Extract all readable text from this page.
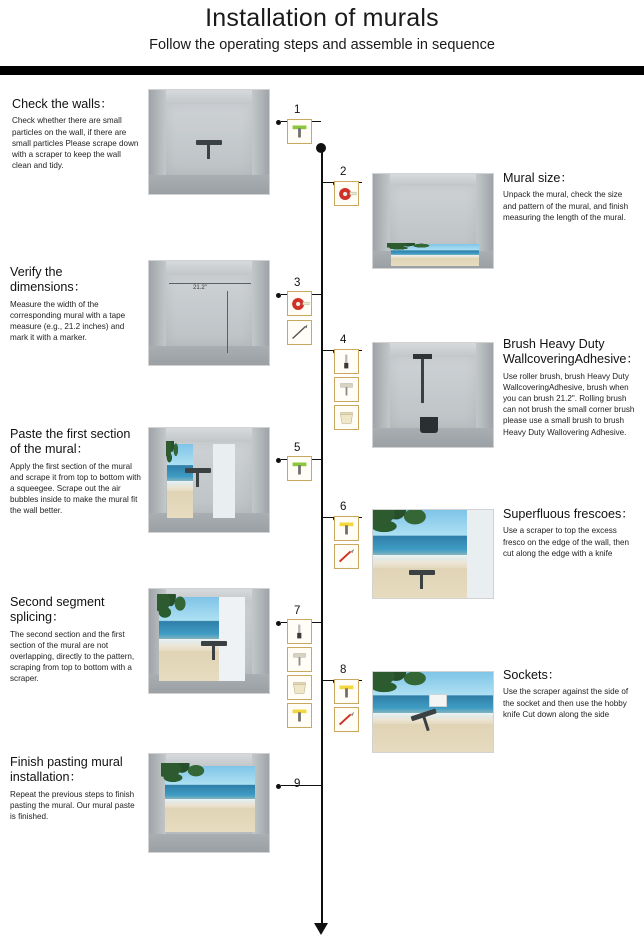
Installation of murals
Follow the operating steps and assemble in sequence

Check the walls：

Check whether there are small particles on the wall, if there are small particles Please scrape down with a scraper to keep the wall clean and tidy.

1
2	Mural size：

Unpack the mural, check the size and pattern of the mural, and finish measuring the length of the mural.

Verify the dimensions：

Measure the width of the corresponding mural with a tape measure (e.g., 21.2 inches) and mark it with a marker.

21.2"	3
4	Brush Heavy Duty WallcoveringAdhesive：

Use roller brush, brush Heavy Duty WallcoveringAdhesive, brush when you can brush 21.2". Rolling brush can not brush the small corner brush please use a small brush to brush Heavy Duty Wallovering Adhesive.

Paste the first section of the mural：

Apply the first section of the mural and scrape it from top to bottom with a squeegee. Scrape out the air bubbles inside to make the mural fit the wall better.

5
6	Superfluous frescoes：

Use a scraper to top the excess fresco on the edge of the wall, then cut along the edge with a knife

Second segment splicing：

The second section and the first section of the mural are not overlapping, directly to the pattern, scraping from top to bottom with a scraper.

7
8	Sockets：

Use the scraper against the side of the socket and then use the hobby knife Cut down along the side

Finish pasting mural installation：

Repeat the previous steps to finish pasting the mural. Our mural paste is finished.

9
